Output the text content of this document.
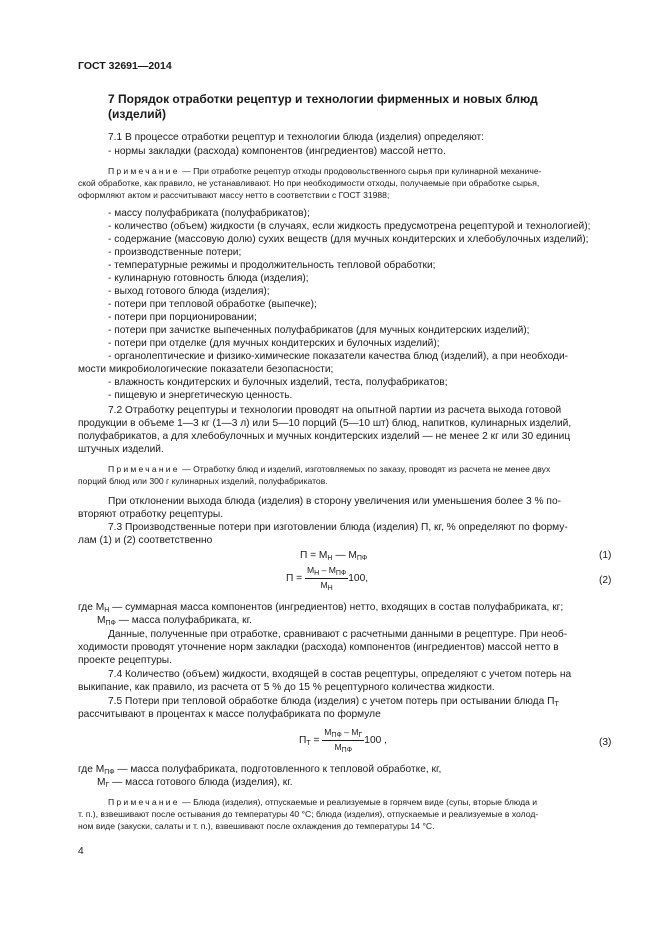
ГОСТ 32691—2014
7 Порядок отработки рецептур и технологии фирменных и новых блюд
(изделий)
7.1 В процессе отработки рецептур и технологии блюда (изделия) определяют:
- нормы закладки (расхода) компонентов (ингредиентов) массой нетто.
Примечание — При отработке рецептур отходы продовольственного сырья при кулинарной механиче-
ской обработке, как правило, не устанавливают. Но при необходимости отходы, получаемые при обработке сырья,
оформляют актом и рассчитывают массу нетто в соответствии с ГОСТ 31988;
- массу полуфабриката (полуфабрикатов);
- количество (объем) жидкости (в случаях, если жидкость предусмотрена рецептурой и технологией);
- содержание (массовую долю) сухих веществ (для мучных кондитерских и хлебобулочных изделий);
- производственные потери;
- температурные режимы и продолжительность тепловой обработки;
- кулинарную готовность блюда (изделия);
- выход готового блюда (изделия);
- потери при тепловой обработке (выпечке);
- потери при порционировании;
- потери при зачистке выпеченных полуфабрикатов (для мучных кондитерских изделий);
- потери при отделке (для мучных кондитерских и булочных изделий);
- органолептические и физико-химические показатели качества блюд (изделий), а при необходи-
мости микробиологические показатели безопасности;
- влажность кондитерских и булочных изделий, теста, полуфабрикатов;
- пищевую и энергетическую ценность.
7.2 Отработку рецептуры и технологии проводят на опытной партии из расчета выхода готовой
продукции в объеме 1—3 кг (1—3 л) или 5—10 порций (5—10 шт) блюд, напитков, кулинарных изделий,
полуфабрикатов, а для хлебобулочных и мучных кондитерских изделий — не менее 2 кг или 30 единиц
штучных изделий.
Примечание — Отработку блюд и изделий, изготовляемых по заказу, проводят из расчета не менее двух
порций блюд или 300 г кулинарных изделий, полуфабрикатов.
При отклонении выхода блюда (изделия) в сторону увеличения или уменьшения более 3 % по-
вторяют отработку рецептуры.
7.3 Производственные потери при изготовлении блюда (изделия) П, кг, % определяют по форму-
лам (1) и (2) соответственно
$П = М_Н$ — $М_{ПФ}$	(1)
$П = \frac{М_Н - М_{ПФ}}{М_Н} 100$,	(2)
где $М_Н$ — суммарная масса компонентов (ингредиентов) нетто, входящих в состав полуфабриката, кг;
$М_{ПФ}$ — масса полуфабриката, кг.
Данные, полученные при отработке, сравнивают с расчетными данными в рецептуре. При необ-
ходимости проводят уточнение норм закладки (расхода) компонентов (ингредиентов) массой нетто в
проекте рецептуры.
7.4 Количество (объем) жидкости, входящей в состав рецептуры, определяют с учетом потерь на
выкипание, как правило, из расчета от 5 % до 15 % рецептурного количества жидкости.
7.5 Потери при тепловой обработке блюда (изделия) с учетом потерь при остывании блюда $П_Т$
рассчитывают в процентах к массе полуфабриката по формуле
$П_Т = \frac{М_{ПФ} - М_Г}{М_{ПФ}} 100$ ,	(3)
где $М_{ПФ}$ — масса полуфабриката, подготовленного к тепловой обработке, кг,
$М_Г$ — масса готового блюда (изделия), кг.
Примечание — Блюда (изделия), отпускаемые и реализуемые в горячем виде (супы, вторые блюда и
т. п.), взвешивают после остывания до температуры 40 °С; блюда (изделия), отпускаемые и реализуемые в холод-
ном виде (закуски, салаты и т. п.), взвешивают после охлаждения до температуры 14 °С.
4
